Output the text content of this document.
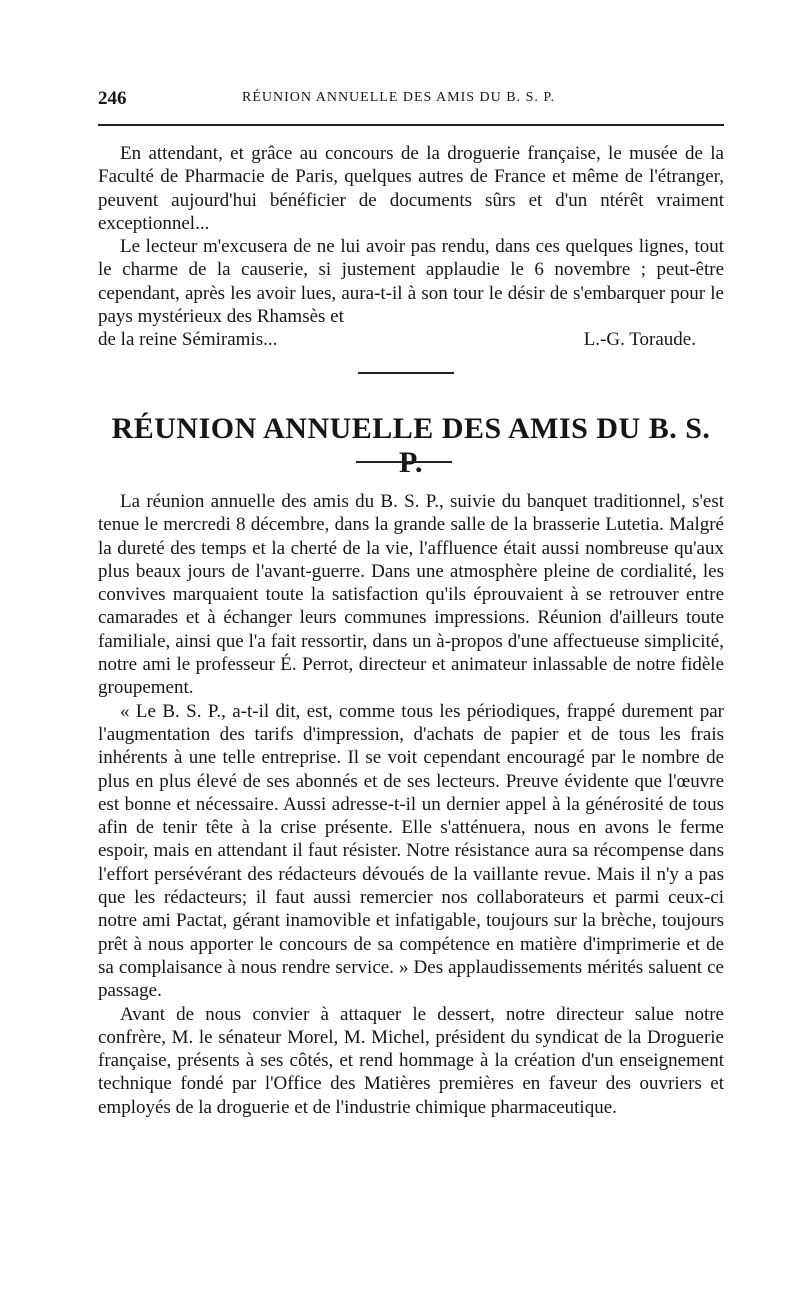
246	RÉUNION ANNUELLE DES AMIS DU B. S. P.

En attendant, et grâce au concours de la droguerie française, le musée de la Faculté de Pharmacie de Paris, quelques autres de France et même de l'étranger, peuvent aujourd'hui bénéficier de documents sûrs et d'un ntérêt vraiment exceptionnel...

Le lecteur m'excusera de ne lui avoir pas rendu, dans ces quelques lignes, tout le charme de la causerie, si justement applaudie le 6 novembre ; peut-être cependant, après les avoir lues, aura-t-il à son tour le désir de s'embarquer pour le pays mystérieux des Rhamsès et

de la reine Sémiramis...	L.-G. Toraude.

RÉUNION ANNUELLE DES AMIS DU B. S. P.

La réunion annuelle des amis du B. S. P., suivie du banquet traditionnel, s'est tenue le mercredi 8 décembre, dans la grande salle de la brasserie Lutetia. Malgré la dureté des temps et la cherté de la vie, l'affluence était aussi nombreuse qu'aux plus beaux jours de l'avant-guerre. Dans une atmosphère pleine de cordialité, les convives marquaient toute la satisfaction qu'ils éprouvaient à se retrouver entre camarades et à échanger leurs communes impressions. Réunion d'ailleurs toute familiale, ainsi que l'a fait ressortir, dans un à-propos d'une affectueuse simplicité, notre ami le professeur É. Perrot, directeur et animateur inlassable de notre fidèle groupement.

« Le B. S. P., a-t-il dit, est, comme tous les périodiques, frappé durement par l'augmentation des tarifs d'impression, d'achats de papier et de tous les frais inhérents à une telle entreprise. Il se voit cependant encouragé par le nombre de plus en plus élevé de ses abonnés et de ses lecteurs. Preuve évidente que l'œuvre est bonne et nécessaire. Aussi adresse-t-il un dernier appel à la générosité de tous afin de tenir tête à la crise présente. Elle s'atténuera, nous en avons le ferme espoir, mais en attendant il faut résister. Notre résistance aura sa récompense dans l'effort persévérant des rédacteurs dévoués de la vaillante revue. Mais il n'y a pas que les rédacteurs; il faut aussi remercier nos collaborateurs et parmi ceux-ci notre ami Pactat, gérant inamovible et infatigable, toujours sur la brèche, toujours prêt à nous apporter le concours de sa compétence en matière d'imprimerie et de sa complaisance à nous rendre service. » Des applaudissements mérités saluent ce passage.

Avant de nous convier à attaquer le dessert, notre directeur salue notre confrère, M. le sénateur Morel, M. Michel, président du syndicat de la Droguerie française, présents à ses côtés, et rend hommage à la création d'un enseignement technique fondé par l'Office des Matières premières en faveur des ouvriers et employés de la droguerie et de l'industrie chimique pharmaceutique.
